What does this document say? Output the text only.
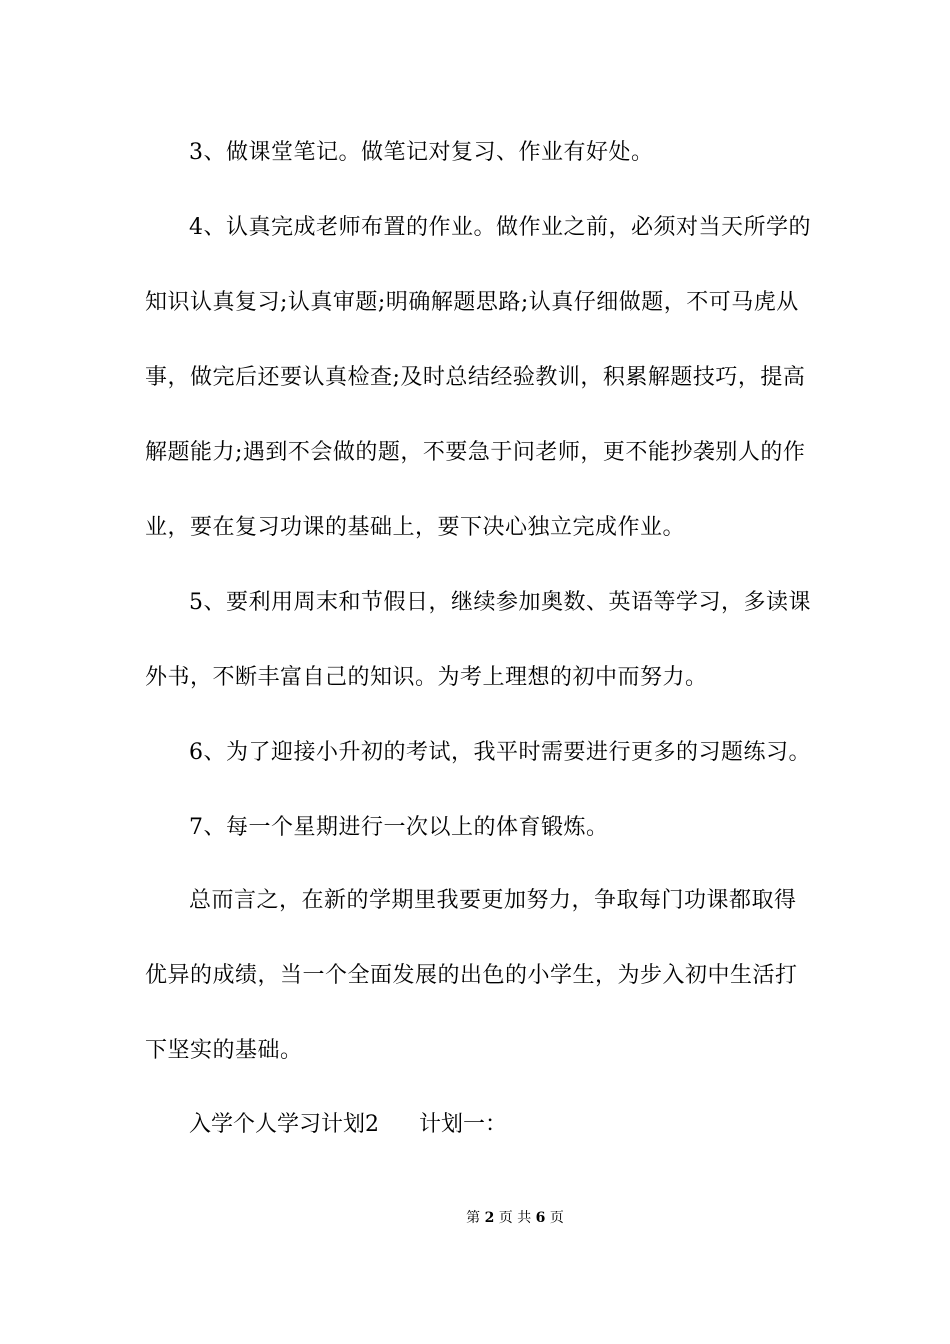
3、做课堂笔记。做笔记对复习、作业有好处。
4、认真完成老师布置的作业。做作业之前，必须对当天所学的
知识认真复习;认真审题;明确解题思路;认真仔细做题，不可马虎从
事，做完后还要认真检查;及时总结经验教训，积累解题技巧，提高
解题能力;遇到不会做的题，不要急于问老师，更不能抄袭别人的作
业，要在复习功课的基础上，要下决心独立完成作业。
5、要利用周末和节假日，继续参加奥数、英语等学习，多读课
外书，不断丰富自己的知识。为考上理想的初中而努力。
6、为了迎接小升初的考试，我平时需要进行更多的习题练习。
7、每一个星期进行一次以上的体育锻炼。
总而言之，在新的学期里我要更加努力，争取每门功课都取得
优异的成绩，当一个全面发展的出色的小学生，为步入初中生活打
下坚实的基础。
入学个人学习计划2 计划一：
第 2 页 共 6 页
